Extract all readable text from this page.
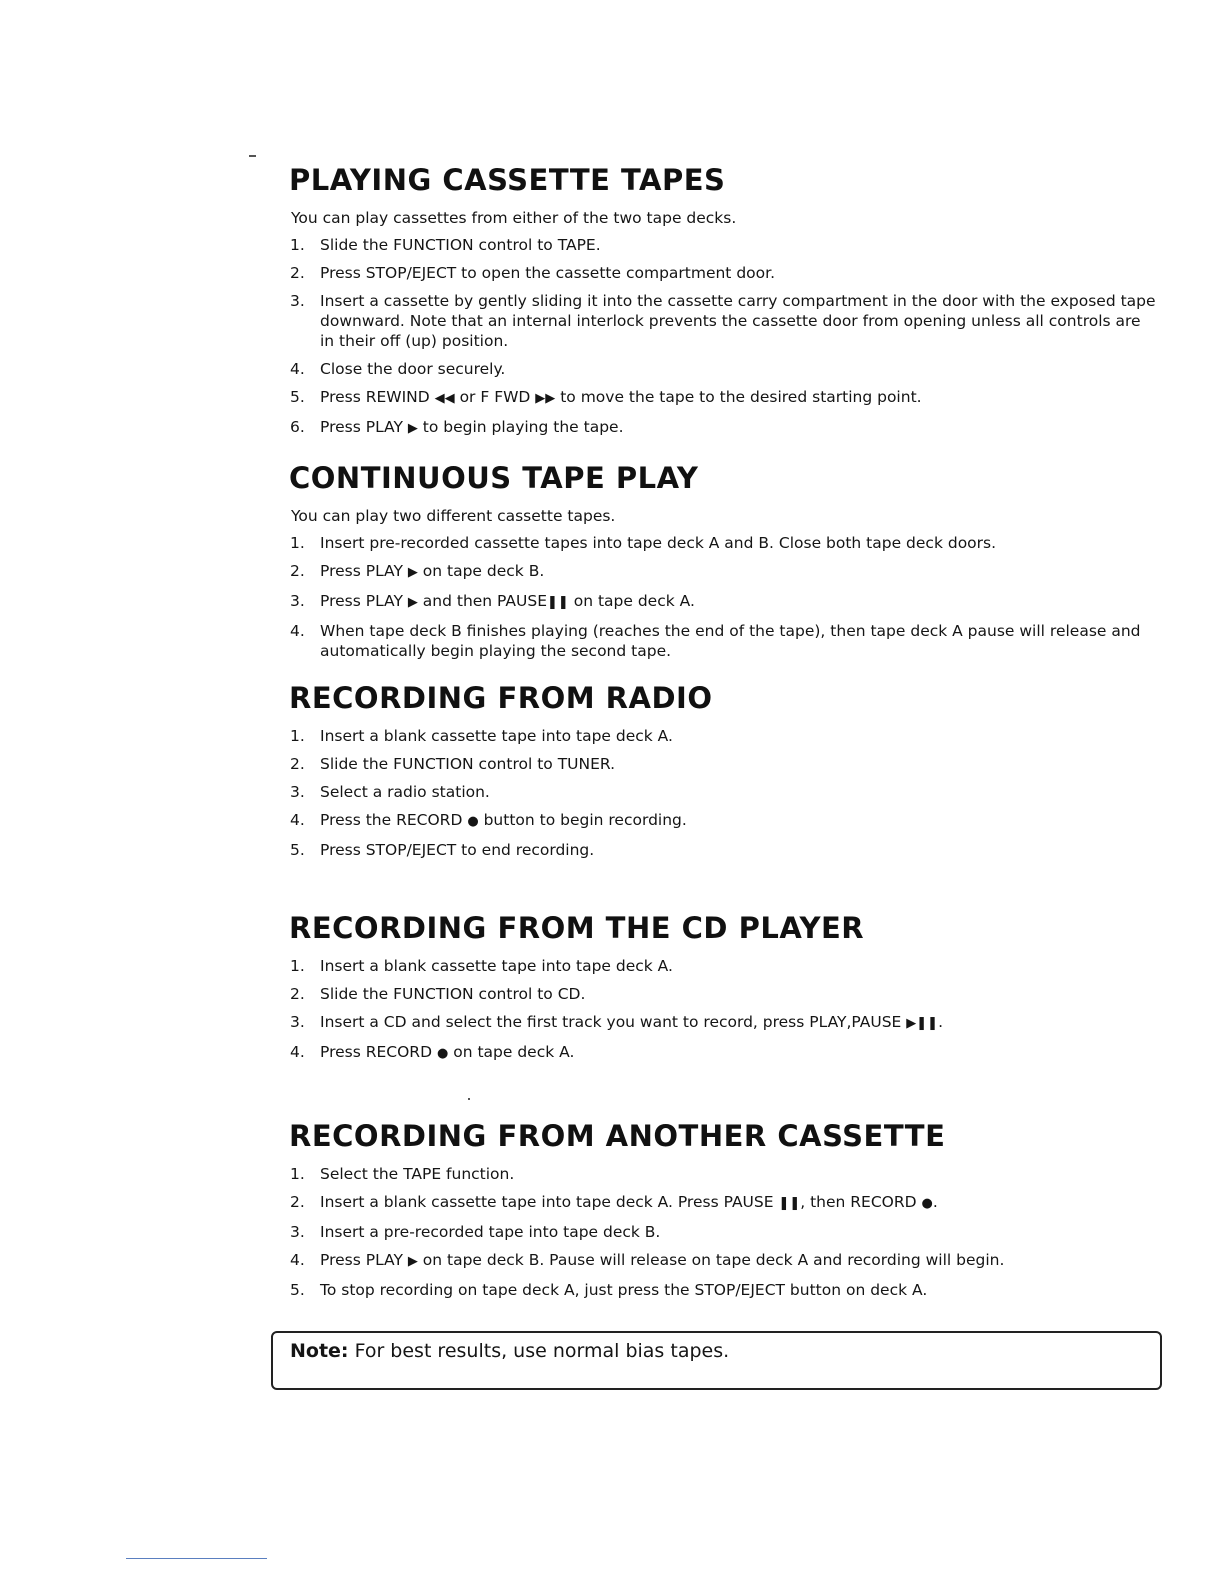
PLAYING CASSETTE TAPES

You can play cassettes from either of the two tape decks.

1. Slide the FUNCTION control to TAPE.
2. Press STOP/EJECT to open the cassette compartment door.
3. Insert a cassette by gently sliding it into the cassette carry compartment in the door with the exposed tape downward. Note that an internal interlock prevents the cassette door from opening unless all controls are in their off (up) position.
4. Close the door securely.
5. Press REWIND ◀◀ or F FWD ▶▶ to move the tape to the desired starting point.
6. Press PLAY ▶ to begin playing the tape.
CONTINUOUS TAPE PLAY

You can play two different cassette tapes.

1. Insert pre-recorded cassette tapes into tape deck A and B. Close both tape deck doors.
2. Press PLAY ▶ on tape deck B.
3. Press PLAY ▶ and then PAUSE❚❚ on tape deck A.
4. When tape deck B finishes playing (reaches the end of the tape), then tape deck A pause will release and automatically begin playing the second tape.
RECORDING FROM RADIO
1. Insert a blank cassette tape into tape deck A.
2. Slide the FUNCTION control to TUNER.
3. Select a radio station.
4. Press the RECORD ● button to begin recording.
5. Press STOP/EJECT to end recording.
RECORDING FROM THE CD PLAYER
1. Insert a blank cassette tape into tape deck A.
2. Slide the FUNCTION control to CD.
3. Insert a CD and select the first track you want to record, press PLAY,PAUSE ▶❚❚.
4. Press RECORD ● on tape deck A.
RECORDING FROM ANOTHER CASSETTE
1. Select the TAPE function.
2. Insert a blank cassette tape into tape deck A. Press PAUSE ❚❚, then RECORD ●.
3. Insert a pre-recorded tape into tape deck B.
4. Press PLAY ▶ on tape deck B. Pause will release on tape deck A and recording will begin.
5. To stop recording on tape deck A, just press the STOP/EJECT button on deck A.
Note: For best results, use normal bias tapes.
